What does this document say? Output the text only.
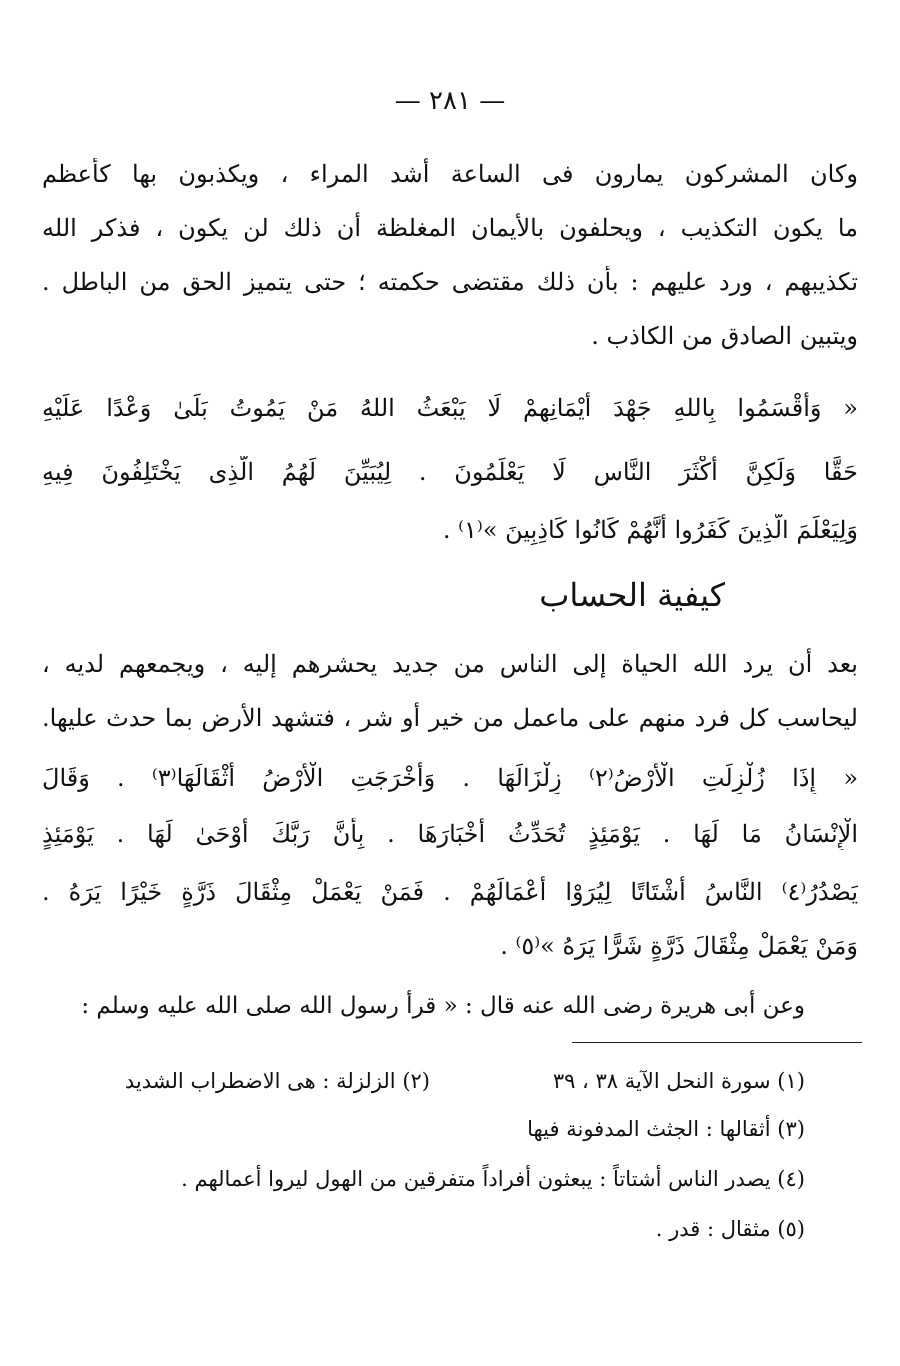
— ٢٨١ —
وكان المشركون يمارون فى الساعة أشد المراء ، ويكذبون بها كأعظم
ما يكون التكذيب ، ويحلفون بالأيمان المغلظة أن ذلك لن يكون ، فذكر الله
تكذيبهم ، ورد عليهم : بأن ذلك مقتضى حكمته ؛ حتى يتميز الحق من الباطل .
ويتبين الصادق من الكاذب .
« وَأَقْسَمُوا بِاللهِ جَهْدَ أَيْمَانِهِمْ لَا يَبْعَثُ اللهُ مَنْ يَمُوتُ بَلَىٰ وَعْدًا عَلَيْهِ
حَقًّا وَلَكِنَّ أَكْثَرَ النَّاسِ لَا يَعْلَمُونَ . لِيُبَيِّنَ لَهُمُ الَّذِى يَخْتَلِفُونَ فِيهِ
وَلِيَعْلَمَ الَّذِينَ كَفَرُوا أَنَّهُمْ كَانُوا كَاذِبِينَ »⁽١⁾ .
كيفية الحساب
بعد أن يرد الله الحياة إلى الناس من جديد يحشرهم إليه ، ويجمعهم لديه ،
ليحاسب كل فرد منهم على ماعمل من خير أو شر ، فتشهد الأرض بما حدث عليها.
« إِذَا زُلْزِلَتِ الْأَرْضُ⁽٢⁾ زِلْزَالَهَا . وَأَخْرَجَتِ الْأَرْضُ أَثْقَالَهَا⁽٣⁾ . وَقَالَ
الْإِنْسَانُ مَا لَهَا . يَوْمَئِذٍ تُحَدِّثُ أَخْبَارَهَا . بِأَنَّ رَبَّكَ أَوْحَىٰ لَهَا . يَوْمَئِذٍ
يَصْدُرُ⁽٤⁾ النَّاسُ أَشْتَاتًا لِيُرَوْا أَعْمَالَهُمْ . فَمَنْ يَعْمَلْ مِثْقَالَ ذَرَّةٍ خَيْرًا يَرَهُ .
وَمَنْ يَعْمَلْ مِثْقَالَ ذَرَّةٍ شَرًّا يَرَهُ »⁽٥⁾ .
وعن أبى هريرة رضى الله عنه قال : « قرأ رسول الله صلى الله عليه وسلم :
(١) سورة النحل الآية ٣٨ ، ٣٩
(٢) الزلزلة : هى الاضطراب الشديد
(٣) أثقالها : الجثث المدفونة فيها
(٤) يصدر الناس أشتاتاً : يبعثون أفراداً متفرقين من الهول ليروا أعمالهم .
(٥) مثقال : قدر .
